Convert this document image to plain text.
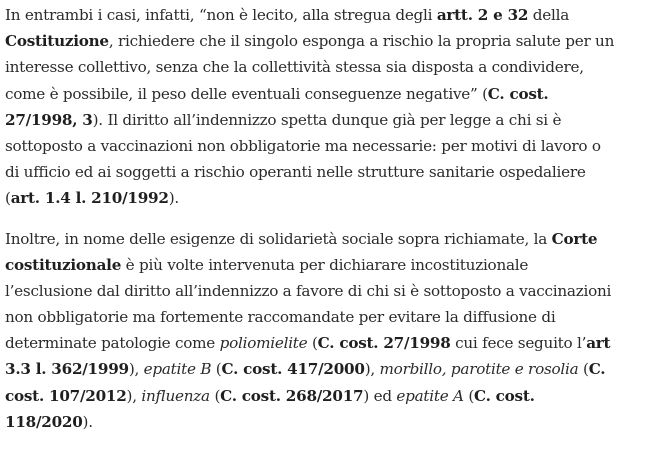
In entrambi i casi, infatti, “non è lecito, alla stregua degli artt. 2 e 32 della
Costituzione, richiedere che il singolo esponga a rischio la propria salute per un
interesse collettivo, senza che la collettività stessa sia disposta a condividere,
come è possibile, il peso delle eventuali conseguenze negative” (C. cost.
27/1998, 3). Il diritto all’indennizzo spetta dunque già per legge a chi si è
sottoposto a vaccinazioni non obbligatorie ma necessarie: per motivi di lavoro o
di ufficio ed ai soggetti a rischio operanti nelle strutture sanitarie ospedaliere
(art. 1.4 l. 210/1992).

Inoltre, in nome delle esigenze di solidarietà sociale sopra richiamate, la Corte
costituzionale è più volte intervenuta per dichiarare incostituzionale
l’esclusione dal diritto all’indennizzo a favore di chi si è sottoposto a vaccinazioni
non obbligatorie ma fortemente raccomandate per evitare la diffusione di
determinate patologie come poliomielite (C. cost. 27/1998 cui fece seguito l’art
3.3 l. 362/1999), epatite B (C. cost. 417/2000), morbillo, parotite e rosolia (C.
cost. 107/2012), influenza (C. cost. 268/2017) ed epatite A (C. cost.
118/2020).
